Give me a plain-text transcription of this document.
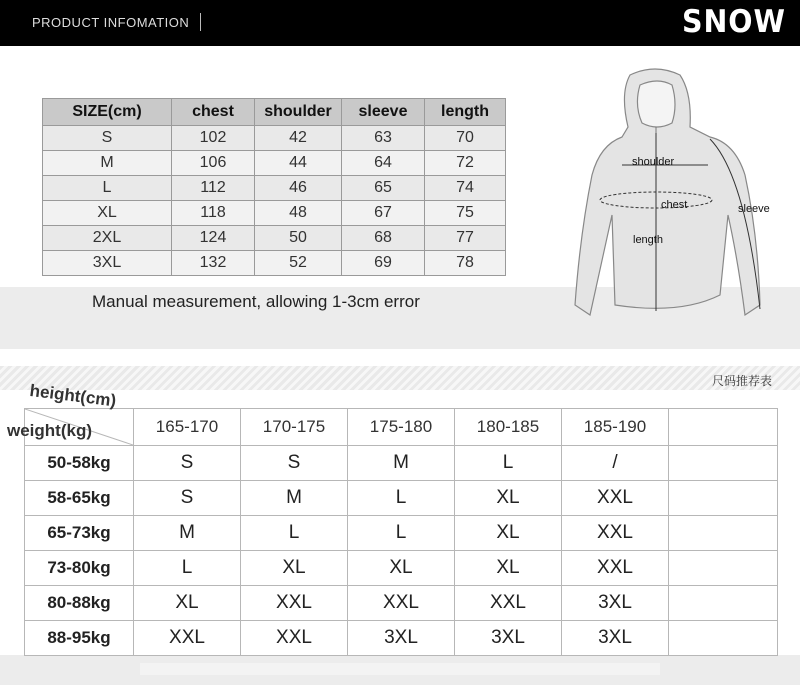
PRODUCT INFOMATION	SNOW
SIZE(cm)	chest	shoulder	sleeve	length
S	102	42	63	70
M	106	44	64	72
L	112	46	65	74
XL	118	48	67	75
2XL	124	50	68	77
3XL	132	52	69	78
Manual measurement, allowing 1-3cm error
shoulder
chest	sleeve
length
尺码推荐表
height(cm)
weight(kg)	165-170	170-175	175-180	180-185	185-190	
50-58kg	S	S	M	L	/	
58-65kg	S	M	L	XL	XXL	
65-73kg	M	L	L	XL	XXL	
73-80kg	L	XL	XL	XL	XXL	
80-88kg	XL	XXL	XXL	XXL	3XL	
88-95kg	XXL	XXL	3XL	3XL	3XL	
